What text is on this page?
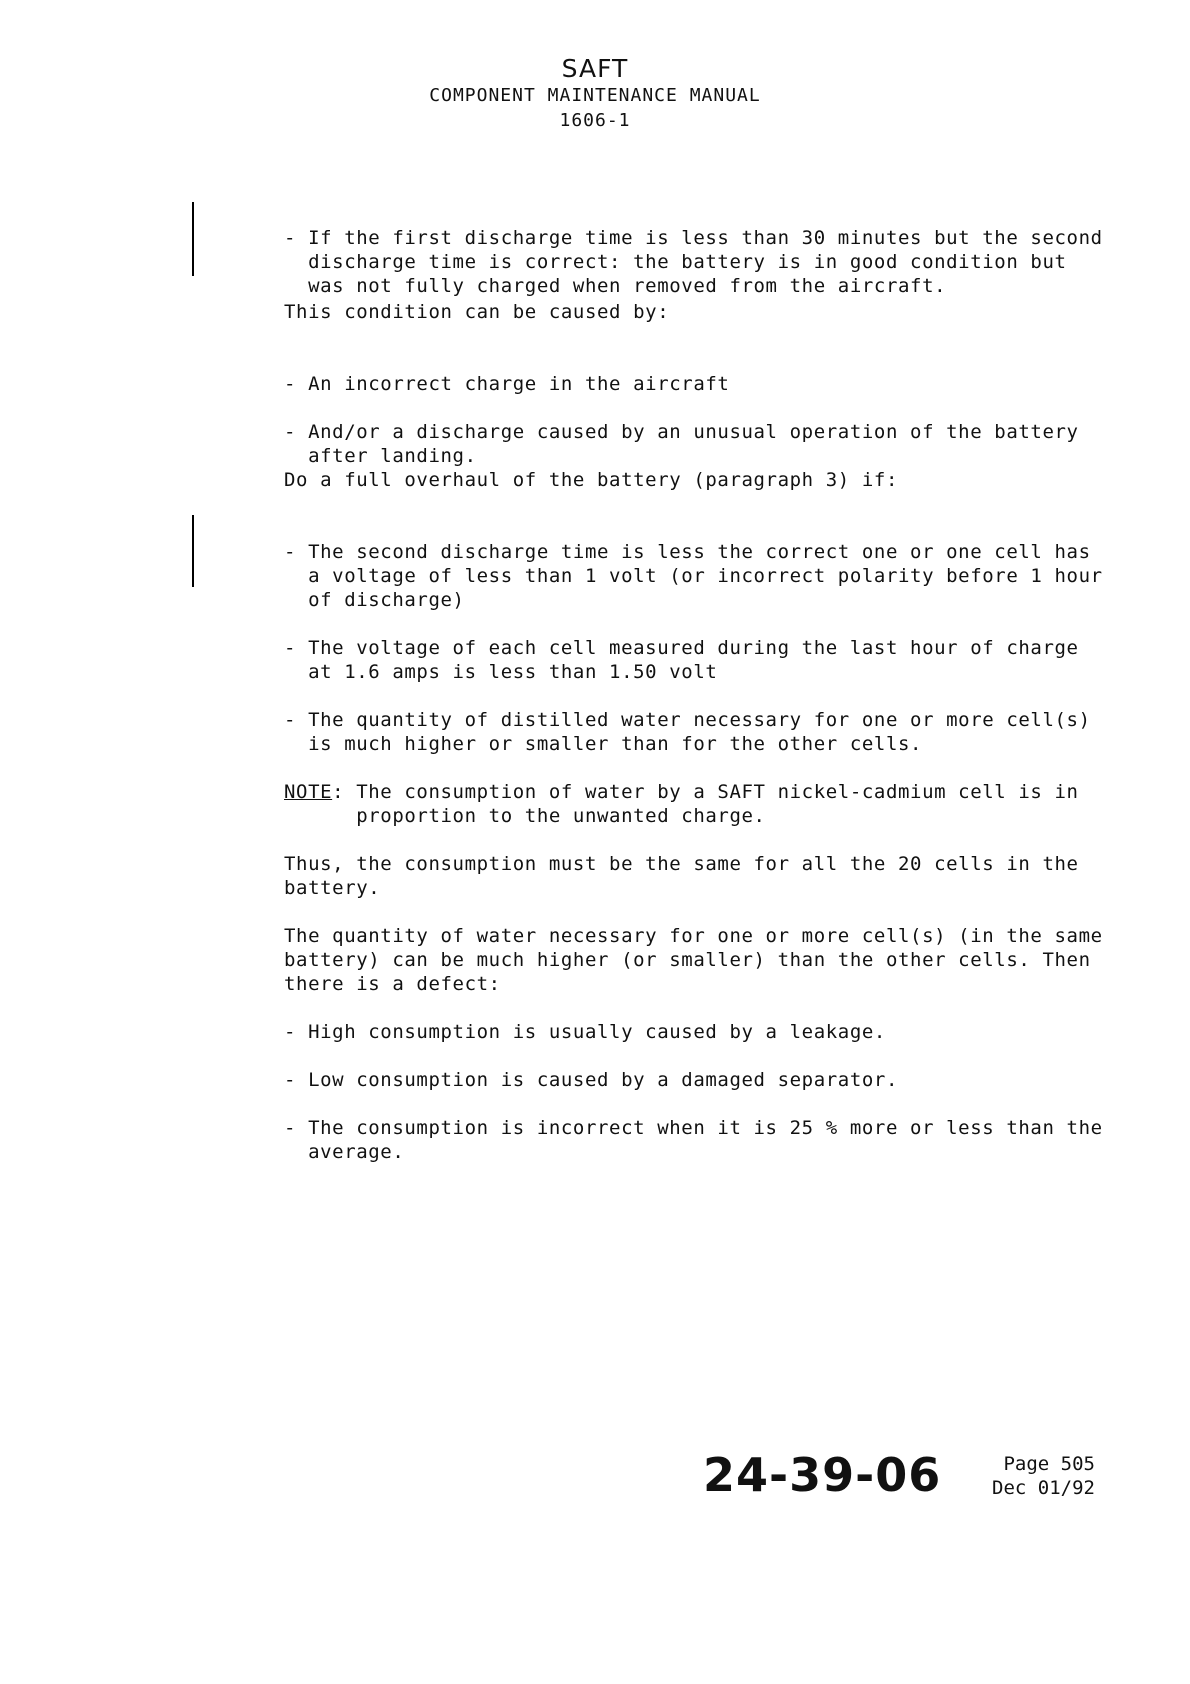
SAFT
COMPONENT MAINTENANCE MANUAL
1606-1

- If the first discharge time is less than 30 minutes but the second
discharge time is correct: the battery is in good condition but
was not fully charged when removed from the aircraft.

This condition can be caused by:

- An incorrect charge in the aircraft

- And/or a discharge caused by an unusual operation of the battery
after landing.

Do a full overhaul of the battery (paragraph 3) if:

- The second discharge time is less the correct one or one cell has
a voltage of less than 1 volt (or incorrect polarity before 1 hour
of discharge)

- The voltage of each cell measured during the last hour of charge
at 1.6 amps is less than 1.50 volt

- The quantity of distilled water necessary for one or more cell(s)
is much higher or smaller than for the other cells.

NOTE: The consumption of water by a SAFT nickel-cadmium cell is in
proportion to the unwanted charge.

Thus, the consumption must be the same for all the 20 cells in the
battery.

The quantity of water necessary for one or more cell(s) (in the same
battery) can be much higher (or smaller) than the other cells. Then
there is a defect:

- High consumption is usually caused by a leakage.

- Low consumption is caused by a damaged separator.

- The consumption is incorrect when it is 25 % more or less than the
average.

24-39-06	Page 505
Dec 01/92
